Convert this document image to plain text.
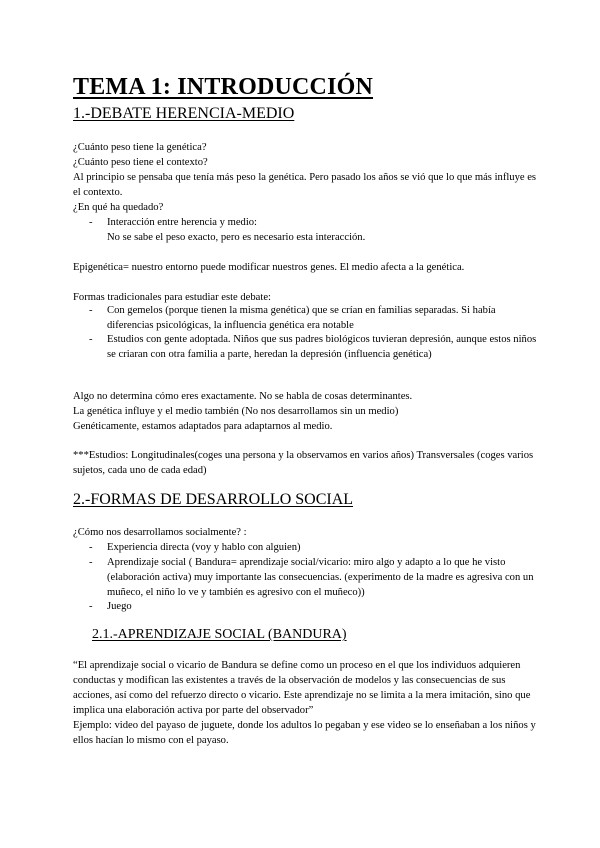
TEMA 1: INTRODUCCIÓN
1.-DEBATE HERENCIA-MEDIO

¿Cuánto peso tiene la genética?

¿Cuánto peso tiene el contexto?

Al principio se pensaba que tenía más peso la genética. Pero pasado los años se vió que lo que más influye es el contexto.

¿En qué ha quedado?

-	Interacción entre herencia y medio:
No se sabe el peso exacto, pero es necesario esta interacción.

Epigenética= nuestro entorno puede modificar nuestros genes. El medio afecta a la genética.

Formas tradicionales para estudiar este debate:

-	Con gemelos (porque tienen la misma genética) que se crían en familias separadas. Si había diferencias psicológicas, la influencia genética era notable
-	Estudios con gente adoptada. Niños que sus padres biológicos tuvieran depresión, aunque estos niños se criaran con otra familia a parte, heredan la depresión (influencia genética)

Algo no determina cómo eres exactamente. No se habla de cosas determinantes.

La genética influye y el medio también (No nos desarrollamos sin un medio)

Genéticamente, estamos adaptados para adaptarnos al medio.

***Estudios: Longitudinales(coges una persona y la observamos en varios años) Transversales (coges varios sujetos, cada uno de cada edad)

2.-FORMAS DE DESARROLLO SOCIAL

¿Cómo nos desarrollamos socialmente? :

-	Experiencia directa (voy y hablo con alguien)
-	Aprendizaje social ( Bandura= aprendizaje social/vicario: miro algo y adapto a lo que he visto (elaboración activa) muy importante las consecuencias. (experimento de la madre es agresiva con un muñeco, el niño lo ve y también es agresivo con el muñeco))
-	Juego
2.1.-APRENDIZAJE SOCIAL (BANDURA)

“El aprendizaje social o vicario de Bandura se define como un proceso en el que los individuos adquieren conductas y modifican las existentes a través de la observación de modelos y las consecuencias de sus acciones, así como del refuerzo directo o vicario. Este aprendizaje no se limita a la mera imitación, sino que implica una elaboración activa por parte del observador”

Ejemplo: video del payaso de juguete, donde los adultos lo pegaban y ese video se lo enseñaban a los niños y ellos hacían lo mismo con el payaso.
